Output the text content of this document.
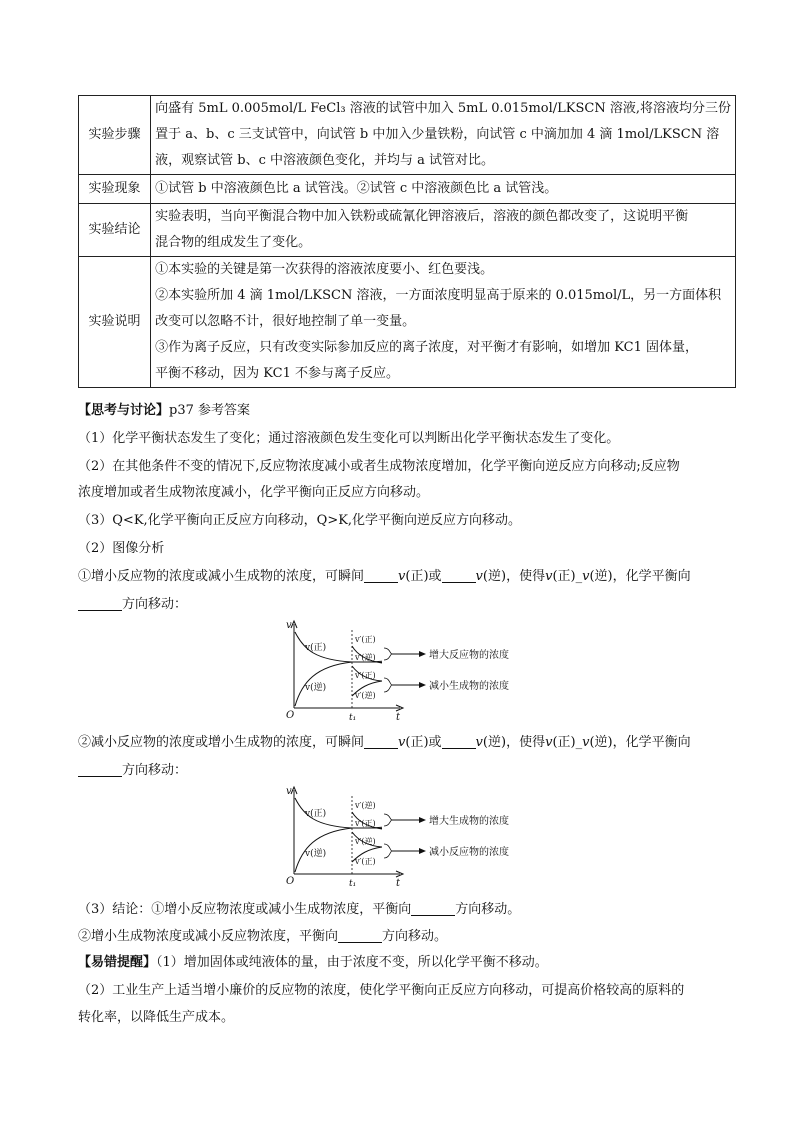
实验步骤	向盛有 5mL 0.005mol/L FeCl₃ 溶液的试管中加入 5mL 0.015mol/LKSCN 溶液,将溶液均分三份
置于 a、b、c 三支试管中，向试管 b 中加入少量铁粉，向试管 c 中滴加加 4 滴 1mol/LKSCN 溶
液，观察试管 b、c 中溶液颜色变化，并均与 a 试管对比。

实验现象	①试管 b 中溶液颜色比 a 试管浅。②试管 c 中溶液颜色比 a 试管浅。

实验结论	实验表明，当向平衡混合物中加入铁粉或硫氰化钾溶液后，溶液的颜色都改变了，这说明平衡
混合物的组成发生了变化。

实验说明	①本实验的关键是第一次获得的溶液浓度要小、红色要浅。
②本实验所加 4 滴 1mol/LKSCN 溶液，一方面浓度明显高于原来的 0.015mol/L，另一方面体积
改变可以忽略不计，很好地控制了单一变量。
③作为离子反应，只有改变实际参加反应的离子浓度，对平衡才有影响，如增加 KC1 固体量，
平衡不移动，因为 KC1 不参与离子反应。
【思考与讨论】p37 参考答案
（1）化学平衡状态发生了变化；通过溶液颜色发生变化可以判断出化学平衡状态发生了变化。
（2）在其他条件不变的情况下,反应物浓度减小或者生成物浓度增加，化学平衡向逆反应方向移动;反应物
浓度增加或者生成物浓度减小，化学平衡向正反应方向移动。
（3）Q<K,化学平衡向正反应方向移动，Q>K,化学平衡向逆反应方向移动。
（2）图像分析
①增小反应物的浓度或减小生成物的浓度，可瞬间	v(正)或	v(逆)，使得v(正)_v(逆)，化学平衡向
方向移动：
v
t
O	t₁
v(正)
v(逆)
v′(正)
v′(逆)
v′(正)
v′(逆)
增大反应物的浓度
减小生成物的浓度
②减小反应物的浓度或增小生成物的浓度，可瞬间	v(正)或	v(逆)，使得v(正)_v(逆)，化学平衡向
方向移动：
v
t
O	t₁
v(正)
v(逆)
v′(逆)
v′(正)
v′(逆)
v′(正)
增大生成物的浓度
减小反应物的浓度
（3）结论：①增小反应物浓度或减小生成物浓度，平衡向	方向移动。
②增小生成物浓度或减小反应物浓度，平衡向	方向移动。
【易错提醒】（1）增加固体或纯液体的量，由于浓度不变，所以化学平衡不移动。
（2）工业生产上适当增小廉价的反应物的浓度，使化学平衡向正反应方向移动，可提高价格较高的原料的
转化率，以降低生产成本。
